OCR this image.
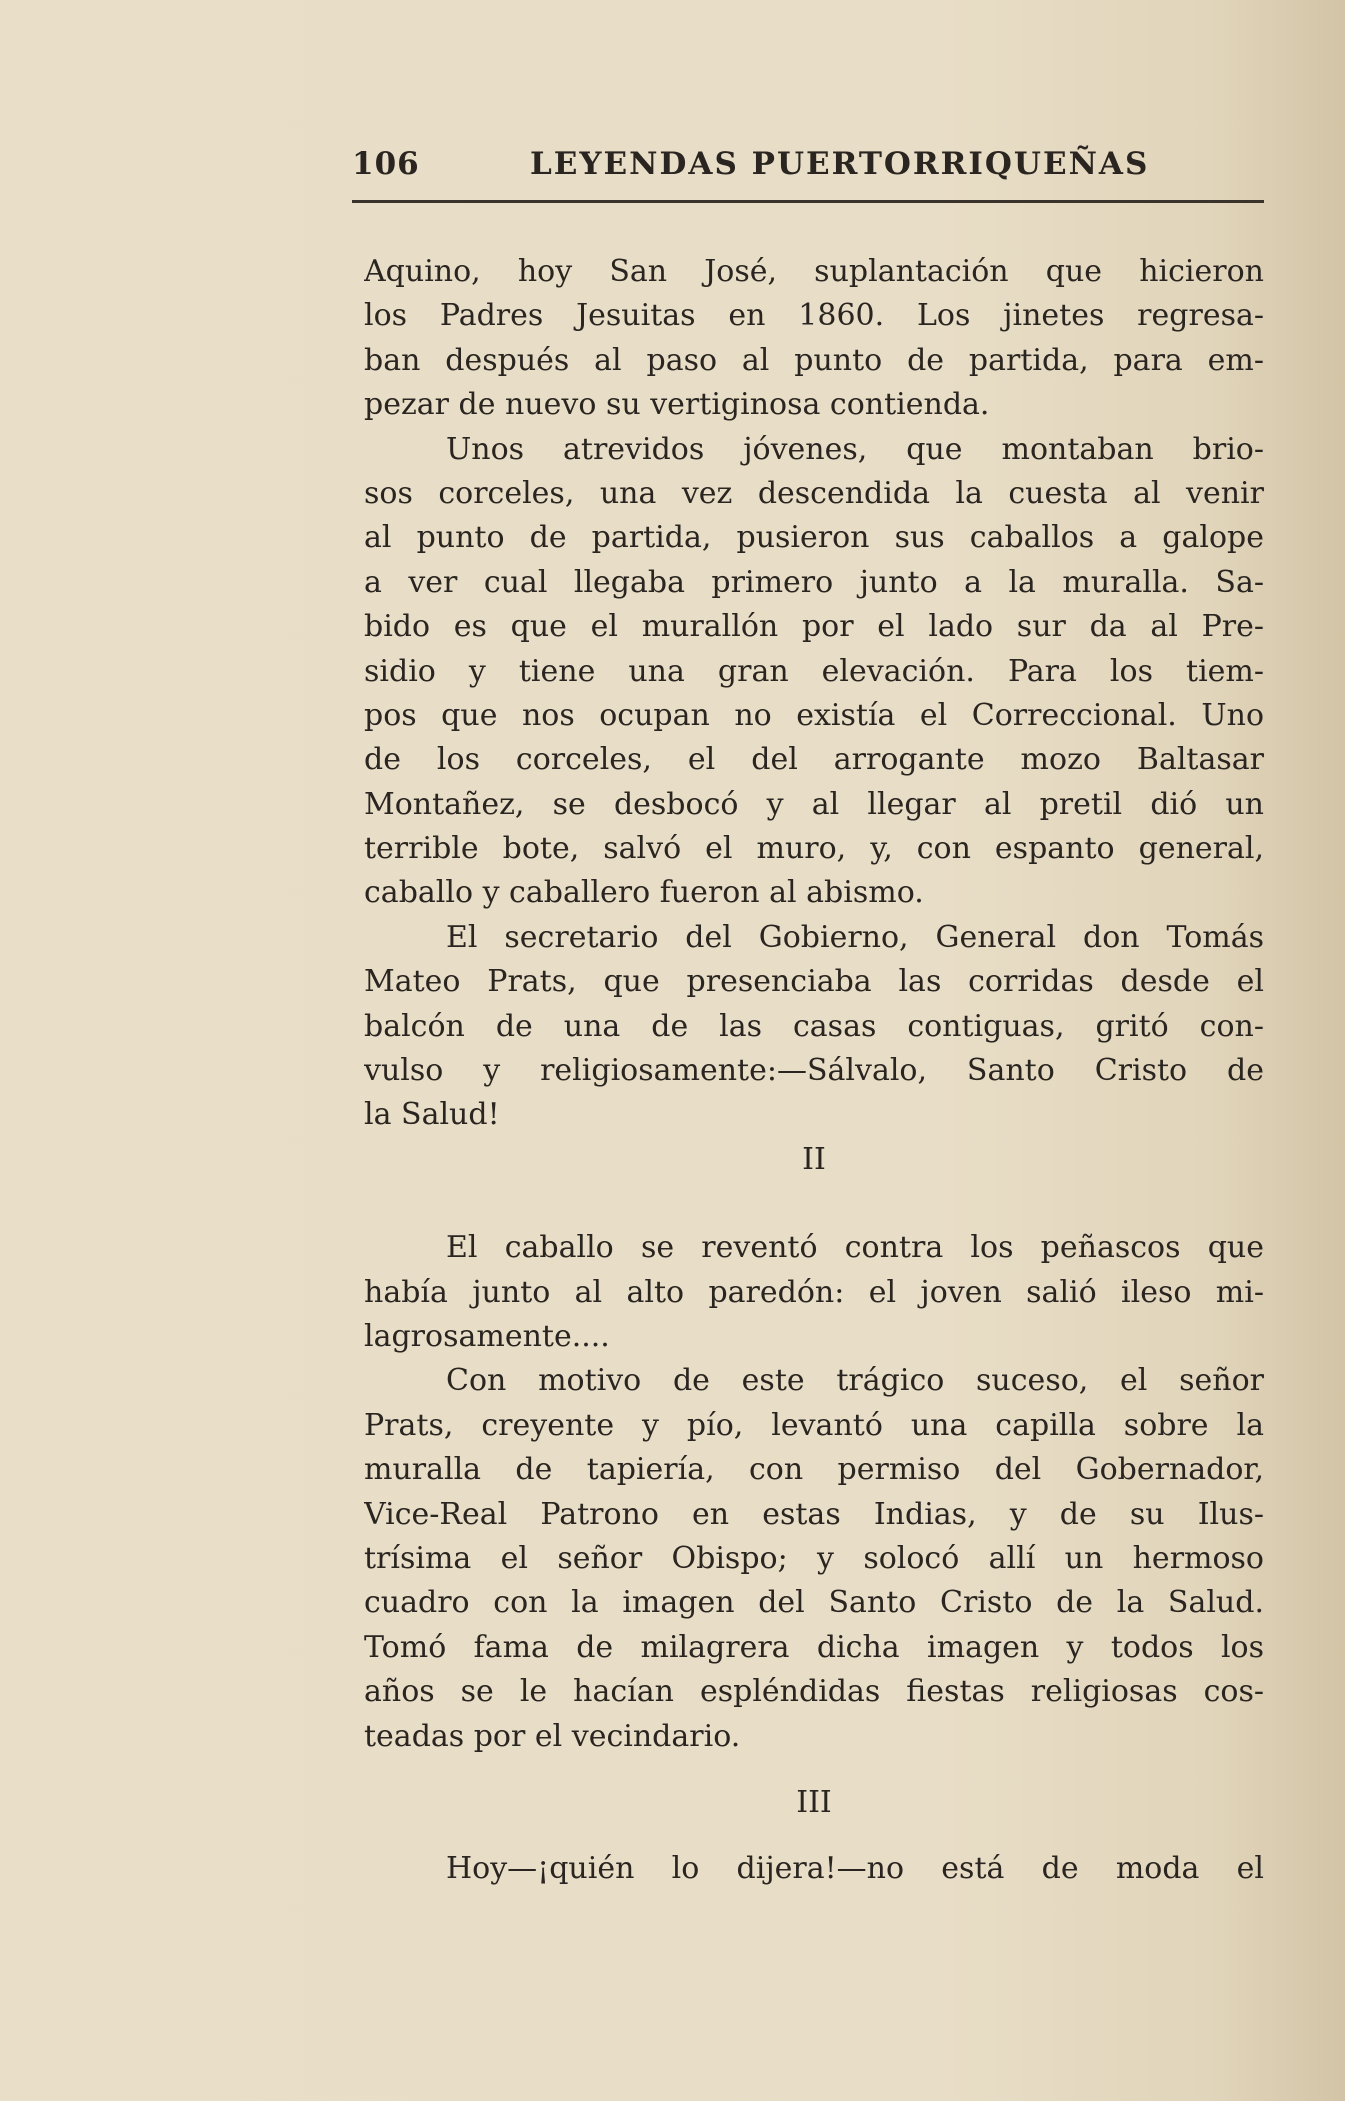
106	LEYENDAS PUERTORRIQUEÑAS
Aquino, hoy San José, suplantación que hicieron
los Padres Jesuitas en 1860. Los jinetes regresa-
ban después al paso al punto de partida, para em-
pezar de nuevo su vertiginosa contienda.
Unos atrevidos jóvenes, que montaban brio-
sos corceles, una vez descendida la cuesta al venir
al punto de partida, pusieron sus caballos a galope
a ver cual llegaba primero junto a la muralla. Sa-
bido es que el murallón por el lado sur da al Pre-
sidio y tiene una gran elevación. Para los tiem-
pos que nos ocupan no existía el Correccional. Uno
de los corceles, el del arrogante mozo Baltasar
Montañez, se desbocó y al llegar al pretil dió un
terrible bote, salvó el muro, y, con espanto general,
caballo y caballero fueron al abismo.
El secretario del Gobierno, General don Tomás
Mateo Prats, que presenciaba las corridas desde el
balcón de una de las casas contiguas, gritó con-
vulso y religiosamente:—Sálvalo, Santo Cristo de
la Salud!
II
El caballo se reventó contra los peñascos que
había junto al alto paredón: el joven salió ileso mi-
lagrosamente....
Con motivo de este trágico suceso, el señor
Prats, creyente y pío, levantó una capilla sobre la
muralla de tapiería, con permiso del Gobernador,
Vice-Real Patrono en estas Indias, y de su Ilus-
trísima el señor Obispo; y solocó allí un hermoso
cuadro con la imagen del Santo Cristo de la Salud.
Tomó fama de milagrera dicha imagen y todos los
años se le hacían espléndidas fiestas religiosas cos-
teadas por el vecindario.
III
Hoy—¡quién lo dijera!—no está de moda el
